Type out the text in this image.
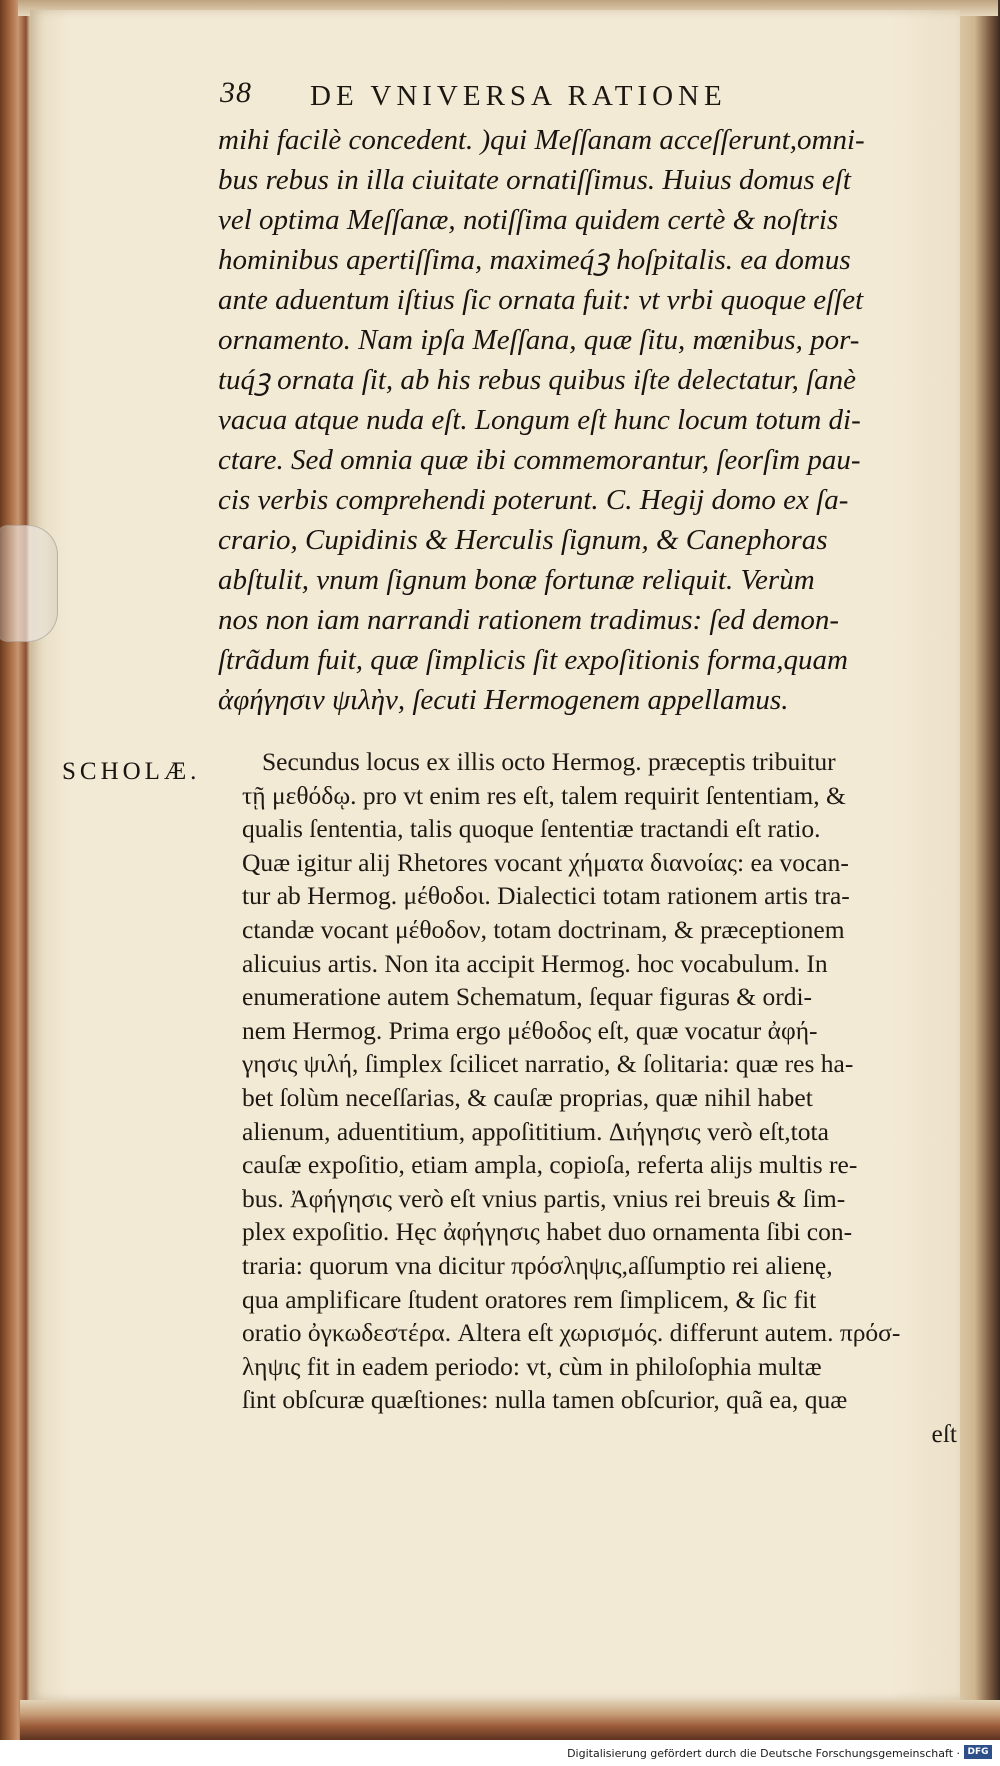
38 DE VNIVERSA RATIONE
mihi facilè concedent. )qui Meſſanam acceſſerunt,omni-
bus rebus in illa ciuitate ornatiſſimus. Huius domus eſt
vel optima Meſſanæ, notiſſima quidem certè & noſtris
hominibus apertiſſima, maximeq́ꝫ hoſpitalis. ea domus
ante aduentum iſtius ſic ornata fuit: vt vrbi quoque eſſet
ornamento. Nam ipſa Meſſana, quæ ſitu, mœnibus, por-
tuq́ꝫ ornata ſit, ab his rebus quibus iſte delectatur, ſanè
vacua atque nuda eſt. Longum eſt hunc locum totum di-
ctare. Sed omnia quæ ibi commemorantur, ſeorſim pau-
cis verbis comprehendi poterunt. C. Hegij domo ex ſa-
crario, Cupidinis & Herculis ſignum, & Canephoras
abſtulit, vnum ſignum bonæ fortunæ reliquit. Verùm
nos non iam narrandi rationem tradimus: ſed demon-
ſtrãdum fuit, quæ ſimplicis ſit expoſitionis forma,quam
ἀφήγησιν ψιλὴν, ſecuti Hermogenem appellamus.
SCHOLÆ.	Secundus locus ex illis octo Hermog. præceptis tribuitur
τῇ μεθόδῳ. pro vt enim res eſt, talem requirit ſententiam, &
qualis ſententia, talis quoque ſententiæ tractandi eſt ratio.
Quæ igitur alij Rhetores vocant χήματα διανοίας: ea vocan-
tur ab Hermog. μέθοδοι. Dialectici totam rationem artis tra-
ctandæ vocant μέθοδον, totam doctrinam, & præceptionem
alicuius artis. Non ita accipit Hermog. hoc vocabulum. In
enumeratione autem Schematum, ſequar figuras & ordi-
nem Hermog. Prima ergo μέθοδος eſt, quæ vocatur ἀφή-
γησις ψιλή, ſimplex ſcilicet narratio, & ſolitaria: quæ res ha-
bet ſolùm neceſſarias, & cauſæ proprias, quæ nihil habet
alienum, aduentitium, appoſititium. Διήγησις verò eſt,tota
cauſæ expoſitio, etiam ampla, copioſa, referta alijs multis re-
bus. Ἀφήγησις verò eſt vnius partis, vnius rei breuis & ſim-
plex expoſitio. Hęc ἀφήγησις habet duo ornamenta ſibi con-
traria: quorum vna dicitur πρόσληψις,aſſumptio rei alienę,
qua amplificare ſtudent oratores rem ſimplicem, & ſic fit
oratio ὀγκωδεστέρα. Altera eſt χωρισμός. differunt autem. πρόσ-
ληψις fit in eadem periodo: vt, cùm in philoſophia multæ
ſint obſcuræ quæſtiones: nulla tamen obſcurior, quã ea, quæ
eſt
Digitalisierung gefördert durch die Deutsche Forschungsgemeinschaft · DFG
